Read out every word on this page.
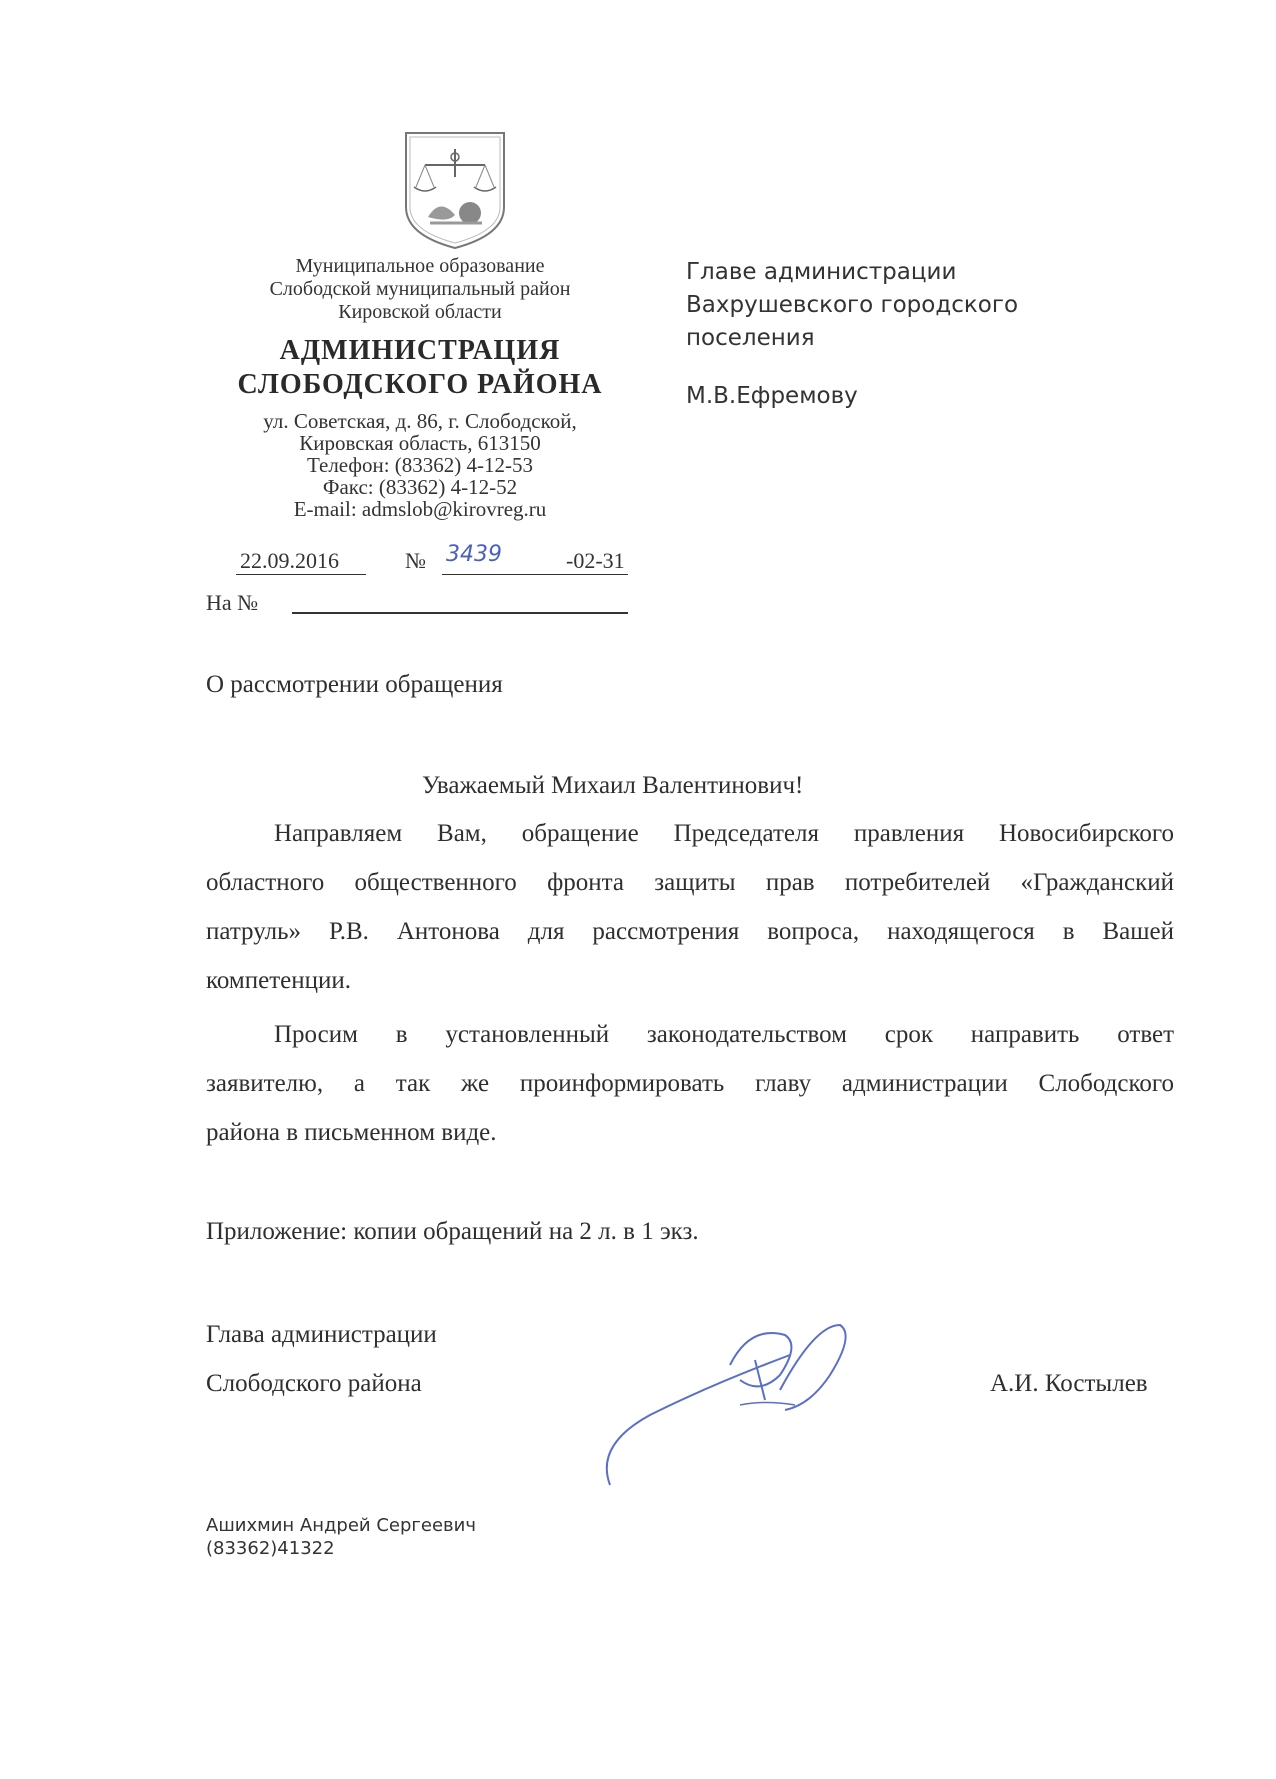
Муниципальное образование
Слободской муниципальный район
Кировской области
АДМИНИСТРАЦИЯ
СЛОБОДСКОГО РАЙОНА
ул. Советская, д. 86, г. Слободской,
Кировская область, 613150
Телефон: (83362) 4-12-53
Факс: (83362) 4-12-52
E-mail: admslob@kirovreg.ru
22.09.2016	№ 3439	-02-31
На №
Главе администрации
Вахрушевского городского
поселения
М.В.Ефремову
О рассмотрении обращения
Уважаемый Михаил Валентинович!
Направляем Вам, обращение Председателя правления Новосибирского
областного общественного фронта защиты прав потребителей «Гражданский
патруль» Р.В. Антонова для рассмотрения вопроса, находящегося в Вашей
компетенции.
Просим в установленный законодательством срок направить ответ
заявителю, а так же проинформировать главу администрации Слободского
района в письменном виде.
Приложение: копии обращений на 2 л. в 1 экз.
Глава администрации
Слободского района	А.И. Костылев
Ашихмин Андрей Сергеевич
(83362)41322
